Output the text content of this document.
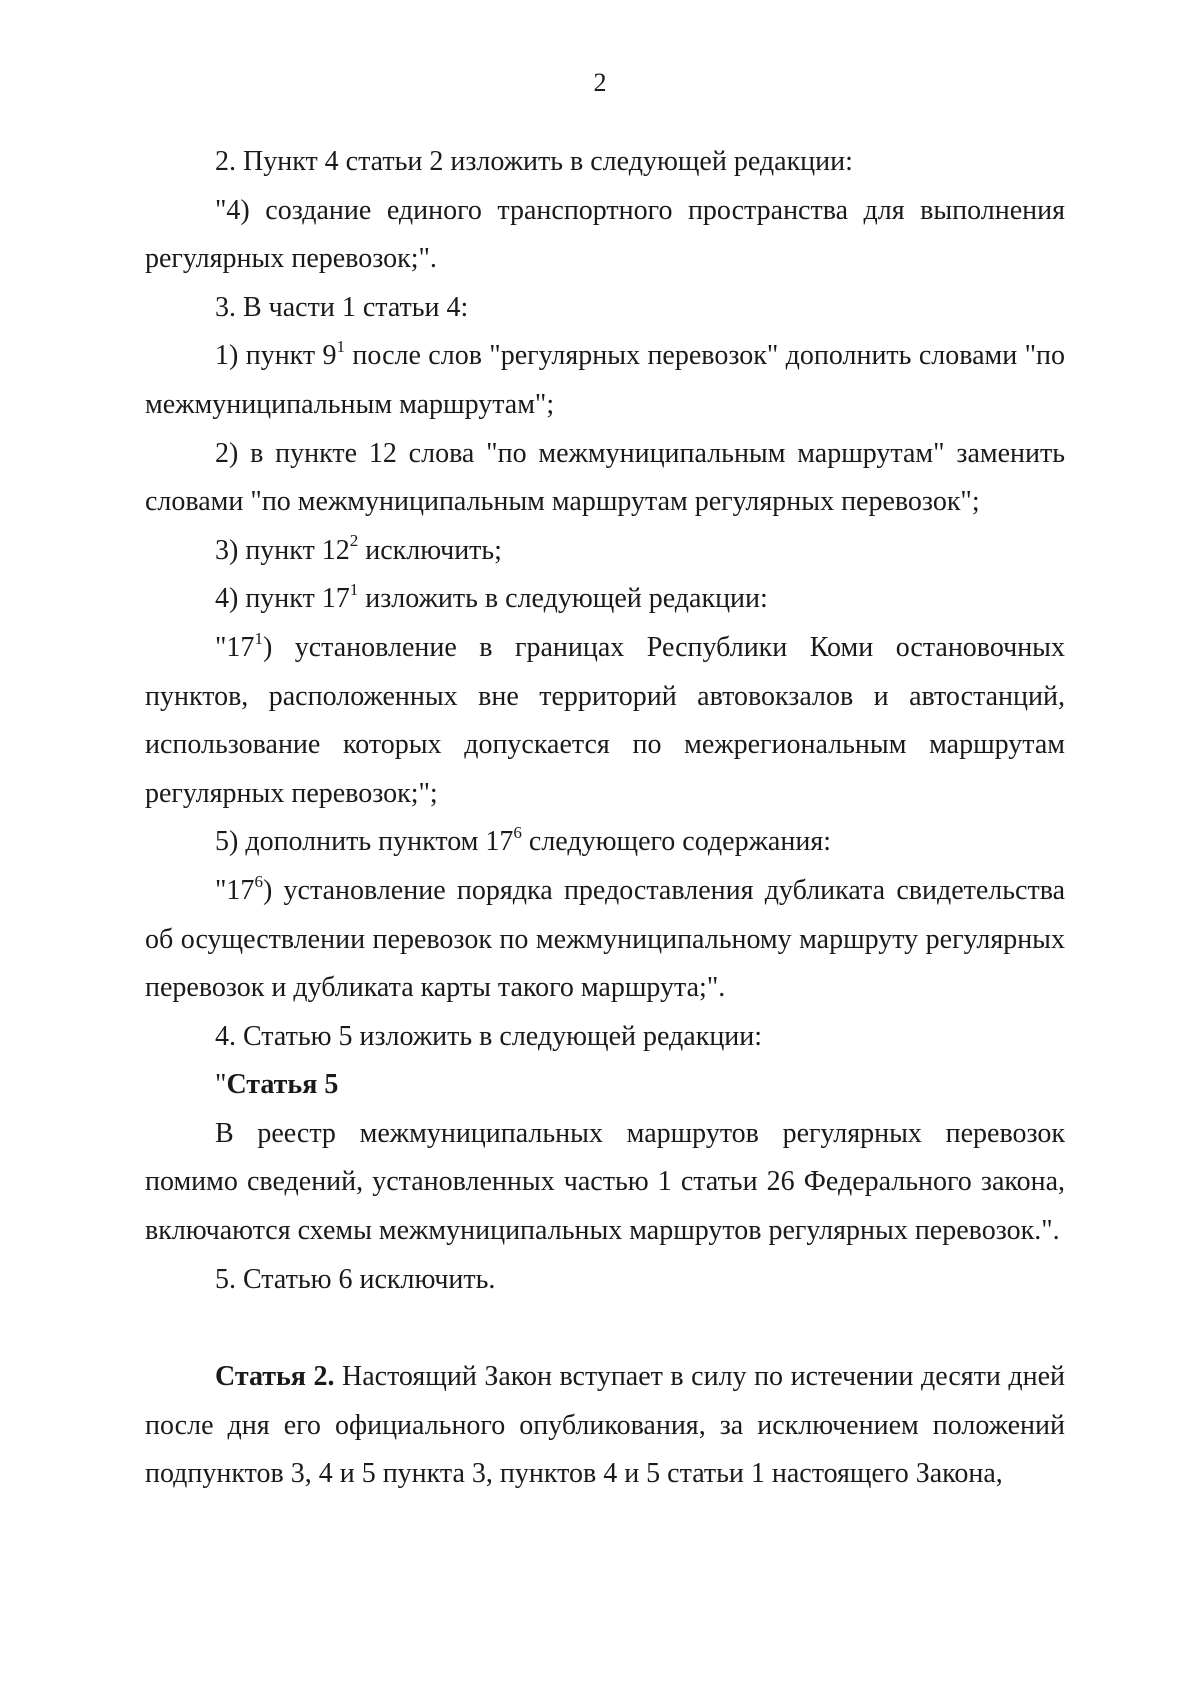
2

2. Пункт 4 статьи 2 изложить в следующей редакции:

"4) создание единого транспортного пространства для выполнения регулярных перевозок;".

3. В части 1 статьи 4:

1) пункт $9^1$ после слов "регулярных перевозок" дополнить словами "по межмуниципальным маршрутам";

2) в пункте 12 слова "по межмуниципальным маршрутам" заменить словами "по межмуниципальным маршрутам регулярных перевозок";

3) пункт $12^2$ исключить;

4) пункт $17^1$ изложить в следующей редакции:

"$17^1$) установление в границах Республики Коми остановочных пунктов, расположенных вне территорий автовокзалов и автостанций, использование которых допускается по межрегиональным маршрутам регулярных перевозок;";

5) дополнить пунктом $17^6$ следующего содержания:

"$17^6$) установление порядка предоставления дубликата свидетельства об осуществлении перевозок по межмуниципальному маршруту регулярных перевозок и дубликата карты такого маршрута;".

4. Статью 5 изложить в следующей редакции:

"Статья 5

В реестр межмуниципальных маршрутов регулярных перевозок помимо сведений, установленных частью 1 статьи 26 Федерального закона, включаются схемы межмуниципальных маршрутов регулярных перевозок.".

5. Статью 6 исключить.

Статья 2. Настоящий Закон вступает в силу по истечении десяти дней после дня его официального опубликования, за исключением положений подпунктов 3, 4 и 5 пункта 3, пунктов 4 и 5 статьи 1 настоящего Закона,
